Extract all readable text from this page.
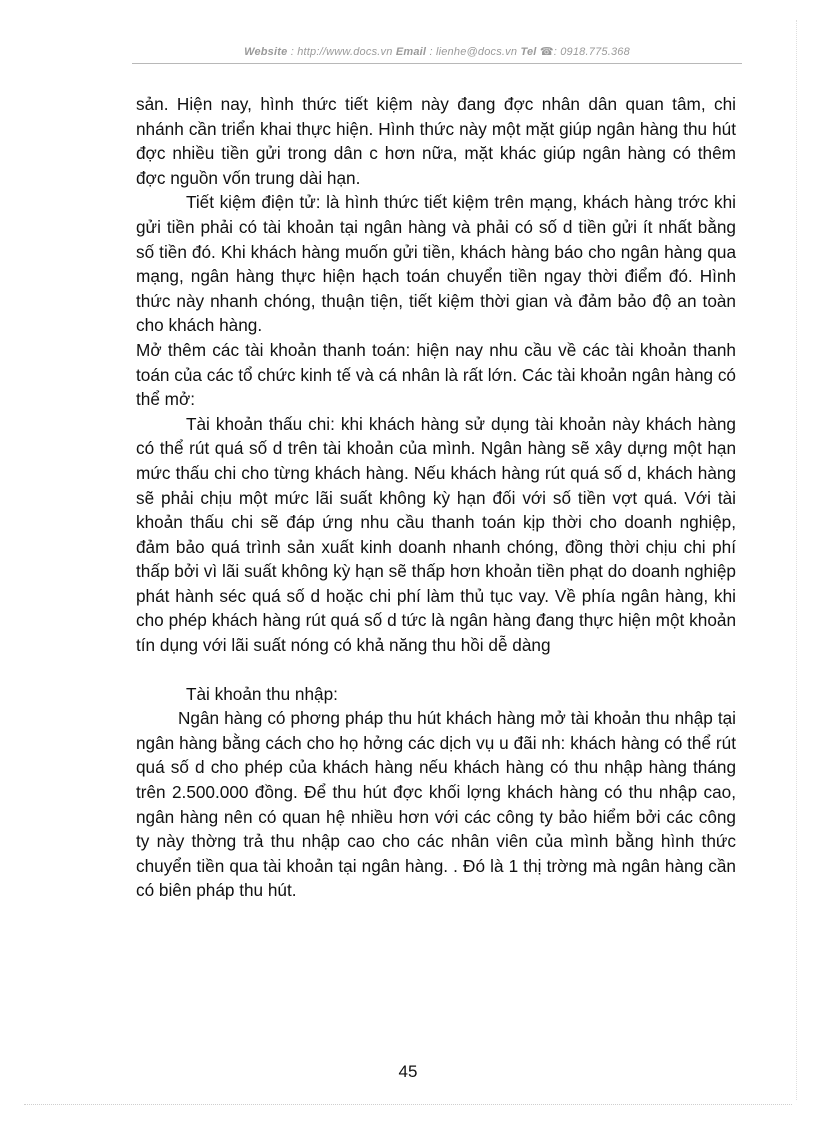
Website : http://www.docs.vn Email : lienhe@docs.vn Tel ☎: 0918.775.368

sản. Hiện nay, hình thức tiết kiệm này đang đợc nhân dân quan tâm, chi nhánh cần triển khai thực hiện. Hình thức này một mặt giúp ngân hàng thu hút đợc nhiều tiền gửi trong dân c hơn nữa, mặt khác giúp ngân hàng có thêm đợc nguồn vốn trung dài hạn.

Tiết kiệm điện tử: là hình thức tiết kiệm trên mạng, khách hàng trớc khi gửi tiền phải có tài khoản tại ngân hàng và phải có số d tiền gửi ít nhất bằng số tiền đó. Khi khách hàng muốn gửi tiền, khách hàng báo cho ngân hàng qua mạng, ngân hàng thực hiện hạch toán chuyển tiền ngay thời điểm đó. Hình thức này nhanh chóng, thuận tiện, tiết kiệm thời gian và đảm bảo độ an toàn cho khách hàng.

Mở thêm các tài khoản thanh toán: hiện nay nhu cầu về các tài khoản thanh toán của các tổ chức kinh tế và cá nhân là rất lớn. Các tài khoản ngân hàng có thể mở:

Tài khoản thấu chi: khi khách hàng sử dụng tài khoản này khách hàng có thể rút quá số d trên tài khoản của mình. Ngân hàng sẽ xây dựng một hạn mức thấu chi cho từng khách hàng. Nếu khách hàng rút quá số d, khách hàng sẽ phải chịu một mức lãi suất không kỳ hạn đối với số tiền vợt quá. Với tài khoản thấu chi sẽ đáp ứng nhu cầu thanh toán kịp thời cho doanh nghiệp, đảm bảo quá trình sản xuất kinh doanh nhanh chóng, đồng thời chịu chi phí thấp bởi vì lãi suất không kỳ hạn sẽ thấp hơn khoản tiền phạt do doanh nghiệp phát hành séc quá số d hoặc chi phí làm thủ tục vay. Về phía ngân hàng, khi cho phép khách hàng rút quá số d tức là ngân hàng đang thực hiện một khoản tín dụng với lãi suất nóng có khả năng thu hồi dễ dàng

Tài khoản thu nhập:

Ngân hàng có phơng pháp thu hút khách hàng mở tài khoản thu nhập tại ngân hàng bằng cách cho họ hởng các dịch vụ u đãi nh: khách hàng có thể rút quá số d cho phép của khách hàng nếu khách hàng có thu nhập hàng tháng trên 2.500.000 đồng. Để thu hút đợc khối lợng khách hàng có thu nhập cao, ngân hàng nên có quan hệ nhiều hơn với các công ty bảo hiểm bởi các công ty này thờng trả thu nhập cao cho các nhân viên của mình bằng hình thức chuyển tiền qua tài khoản tại ngân hàng. . Đó là 1 thị trờng mà ngân hàng cần có biên pháp thu hút.

45
